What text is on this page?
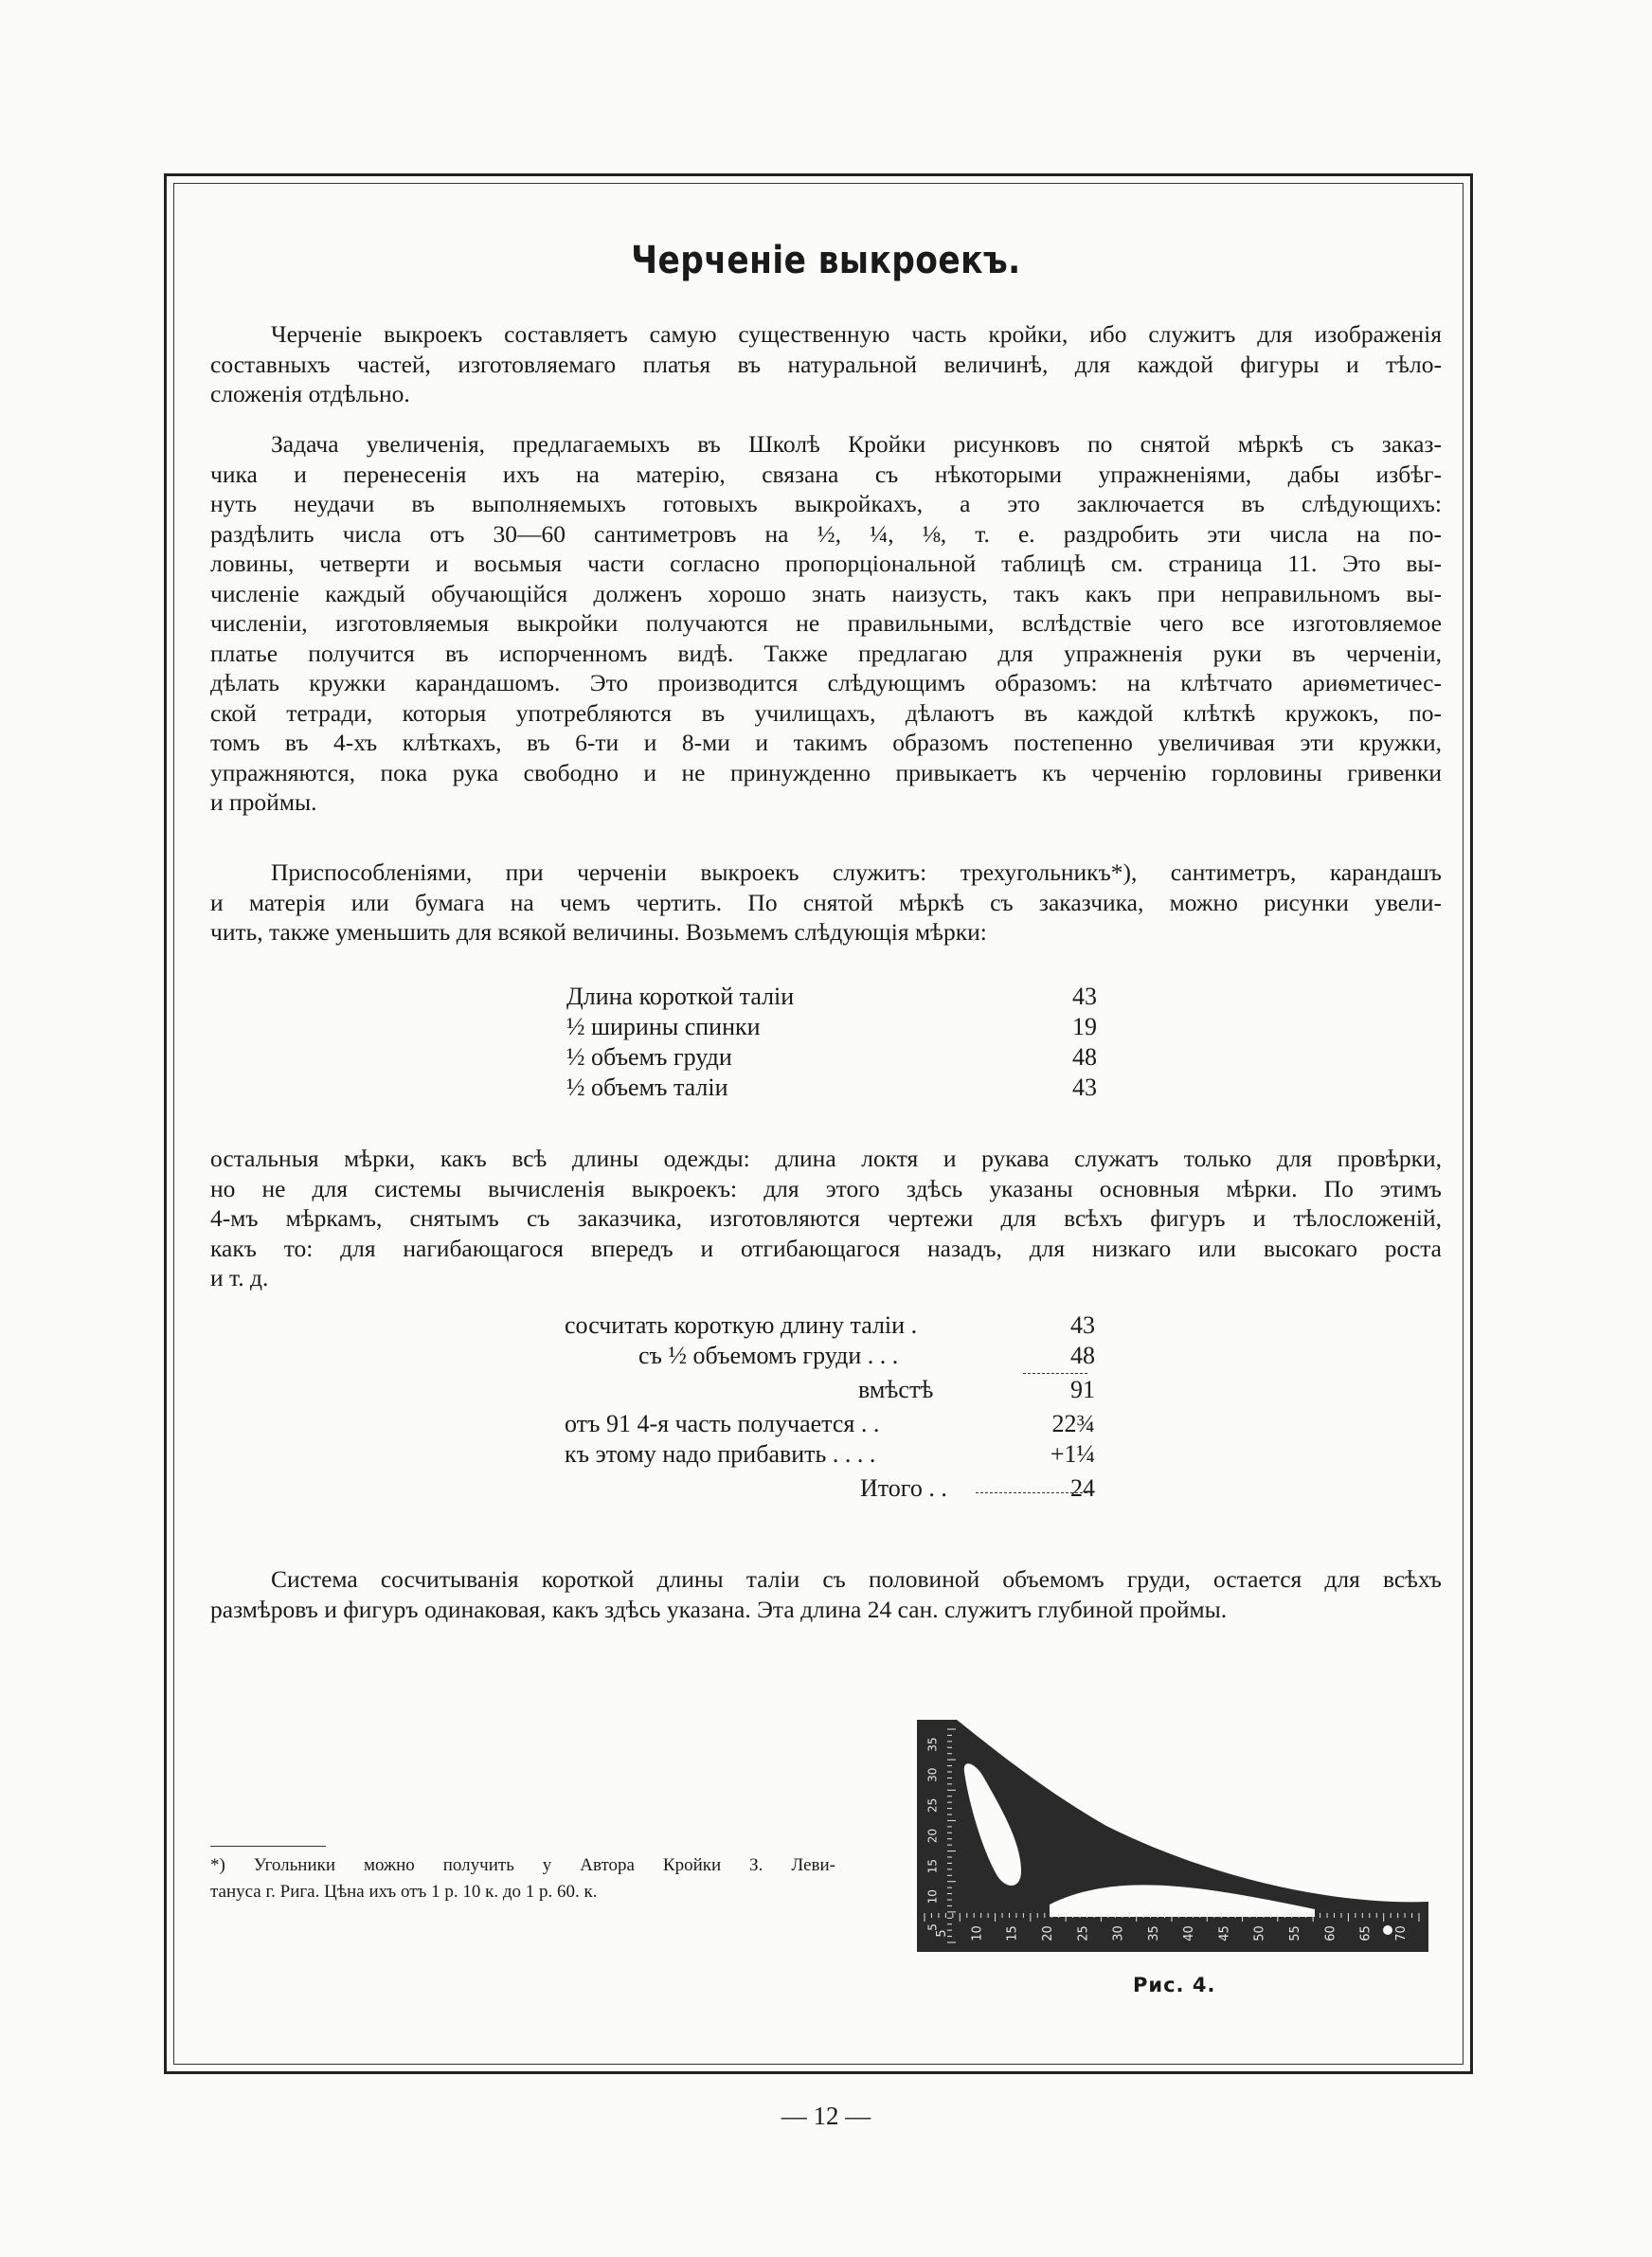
Черченіе выкроекъ.
Черченіе выкроекъ составляетъ самую существенную часть кройки, ибо служитъ для изображенія
составныхъ частей, изготовляемаго платья въ натуральной величинѣ, для каждой фигуры и тѣло-
сложенія отдѣльно.
Задача увеличенія, предлагаемыхъ въ Школѣ Кройки рисунковъ по снятой мѣркѣ съ заказ-
чика и перенесенія ихъ на матерію, связана съ нѣкоторыми упражненіями, дабы избѣг-
нуть неудачи въ выполняемыхъ готовыхъ выкройкахъ, а это заключается въ слѣдующихъ:
раздѣлить числа отъ 30—60 сантиметровъ на ½, ¼, ⅛, т. е. раздробить эти числа на по-
ловины, четверти и восьмыя части согласно пропорціональной таблицѣ см. страница 11. Это вы-
численіе каждый обучающійся долженъ хорошо знать наизусть, такъ какъ при неправильномъ вы-
численіи, изготовляемыя выкройки получаются не правильными, вслѣдствіе чего все изготовляемое
платье получится въ испорченномъ видѣ. Также предлагаю для упражненія руки въ черченіи,
дѣлать кружки карандашомъ. Это производится слѣдующимъ образомъ: на клѣтчато ариѳметичес-
ской тетради, которыя употребляются въ училищахъ, дѣлаютъ въ каждой клѣткѣ кружокъ, по-
томъ въ 4-хъ клѣткахъ, въ 6-ти и 8-ми и такимъ образомъ постепенно увеличивая эти кружки,
упражняются, пока рука свободно и не принужденно привыкаетъ къ черченію горловины гривенки
и проймы.
Приспособленіями, при черченіи выкроекъ служитъ: трехугольникъ*), сантиметръ, карандашъ
и матерія или бумага на чемъ чертить. По снятой мѣркѣ съ заказчика, можно рисунки увели-
чить, также уменьшить для всякой величины. Возьмемъ слѣдующія мѣрки:
Длина короткой таліи	43
½ ширины спинки	19
½ объемъ груди	48
½ объемъ таліи	43
остальныя мѣрки, какъ всѣ длины одежды: длина локтя и рукава служатъ только для провѣрки,
но не для системы вычисленія выкроекъ: для этого здѣсь указаны основныя мѣрки. По этимъ
4-мъ мѣркамъ, снятымъ съ заказчика, изготовляются чертежи для всѣхъ фигуръ и тѣлосложеній,
какъ то: для нагибающагося впередъ и отгибающагося назадъ, для низкаго или высокаго роста
и т. д.
сосчитать короткую длину таліи .	43
съ ½ объемомъ груди . . .	48
вмѣстѣ	91
отъ 91 4-я часть получается . .	22¾
къ этому надо прибавить . . . .	+1¼
Итого . .	24
Система сосчитыванія короткой длины таліи съ половиной объемомъ груди, остается для всѣхъ
размѣровъ и фигуръ одинаковая, какъ здѣсь указана. Эта длина 24 сан. служитъ глубиной проймы.
*) Угольники можно получить у Автора Кройки З. Леви-
тануса г. Рига. Цѣна ихъ отъ 1 р. 10 к. до 1 р. 60. к.
5 10 15 20 25 30 35 40 45 50 55 60 65 70
5
10
15
20
25
30
35
Рис. 4.
— 12 —
